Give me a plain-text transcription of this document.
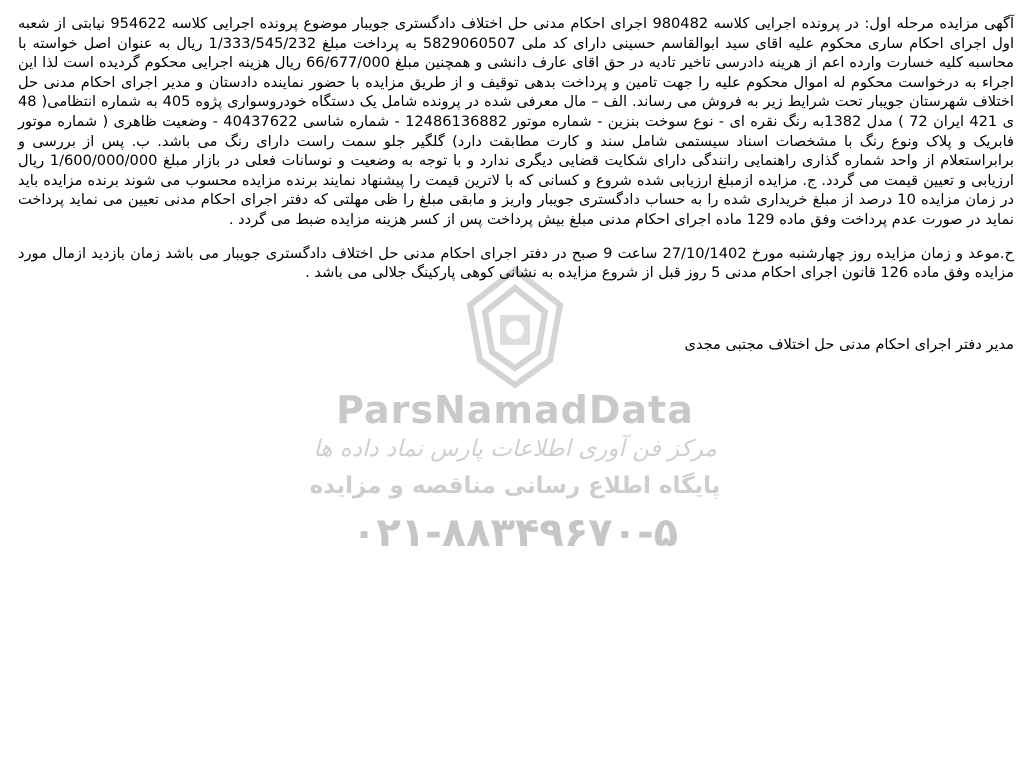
ParsNamadData
مرکز فن آوری اطلاعات پارس نماد داده ها
پایگاه اطلاع رسانی مناقصه و مزایده
۰۲۱-۸۸۳۴۹۶۷۰-۵

آگهی مزایده مرحله اول: در پرونده اجرایی کلاسه 980482 اجرای احکام مدنی حل اختلاف دادگستری جویبار موضوع پرونده اجرایی کلاسه 954622 نیابتی از شعبه اول اجرای احکام ساری محکوم علیه اقای سید ابوالقاسم حسینی دارای کد ملی 5829060507 به پرداخت مبلغ 1/333/545/232 ریال به عنوان اصل خواسته با محاسبه کلیه خسارت وارده اعم از هرینه دادرسی تاخیر تادیه در حق اقای عارف دانشی و همچنین مبلغ 66/677/000 ریال هزینه اجرایی محکوم گردیده است لذا این اجراء به درخواست محکوم له اموال محکوم علیه را جهت تامین و پرداخت بدهی توقیف و از طریق مزایده با حضور نماینده دادستان و مدیر اجرای احکام مدنی حل اختلاف شهرستان جویبار تحت شرایط زیر به فروش می رساند. الف – مال معرفی شده در پرونده شامل یک دستگاه خودروسواری پژوه 405 به شماره انتظامی( 48 ی 421 ایران 72 ) مدل 1382به رنگ نقره ای - نوع سوخت بنزین - شماره موتور 12486136882 - شماره شاسی 40437622 - وضعیت ظاهری ( شماره موتور فابریک و پلاک ونوع رنگ با مشخصات اسناد سیستمی شامل سند و کارت مطابقت دارد) گلگیر جلو سمت راست دارای رنگ می باشد. ب. پس از بررسی و برابراستعلام از واحد شماره گذاری راهنمایی رانندگی دارای شکایت قضایی دیگری ندارد و با توجه به وضعیت و نوسانات فعلی در بازار مبلغ 1/600/000/000 ریال ارزیابی و تعیین قیمت می گردد. ج. مزایده ازمبلغ ارزیابی شده شروع و کسانی که با لاترین قیمت را پیشنهاد نمایند برنده مزایده محسوب می شوند برنده مزایده باید در زمان مزایده 10 درصد از مبلغ خریداری شده را به حساب دادگستری جویبار واریز و مابقی مبلغ را ظی مهلتی که دفتر اجرای احکام مدنی تعیین می نماید پرداخت نماید در صورت عدم پرداخت وفق ماده 129 ماده اجرای احکام مدنی مبلغ بیش پرداخت پس از کسر هزینه مزایده ضبط می گردد .

ح.موعد و زمان مزایده روز چهارشنبه مورخ 27/10/1402 ساعت 9 صبح در دفتر اجرای احکام مدنی حل اختلاف دادگستری جویبار می باشد زمان بازدید ازمال مورد مزایده وفق ماده 126 قانون اجرای احکام مدنی 5 روز قبل از شروع مزایده به نشانی کوهی پارکینگ جلالی می باشد .

مدیر دفتر اجرای احکام مدنی حل اختلاف مجتبی مجدی
